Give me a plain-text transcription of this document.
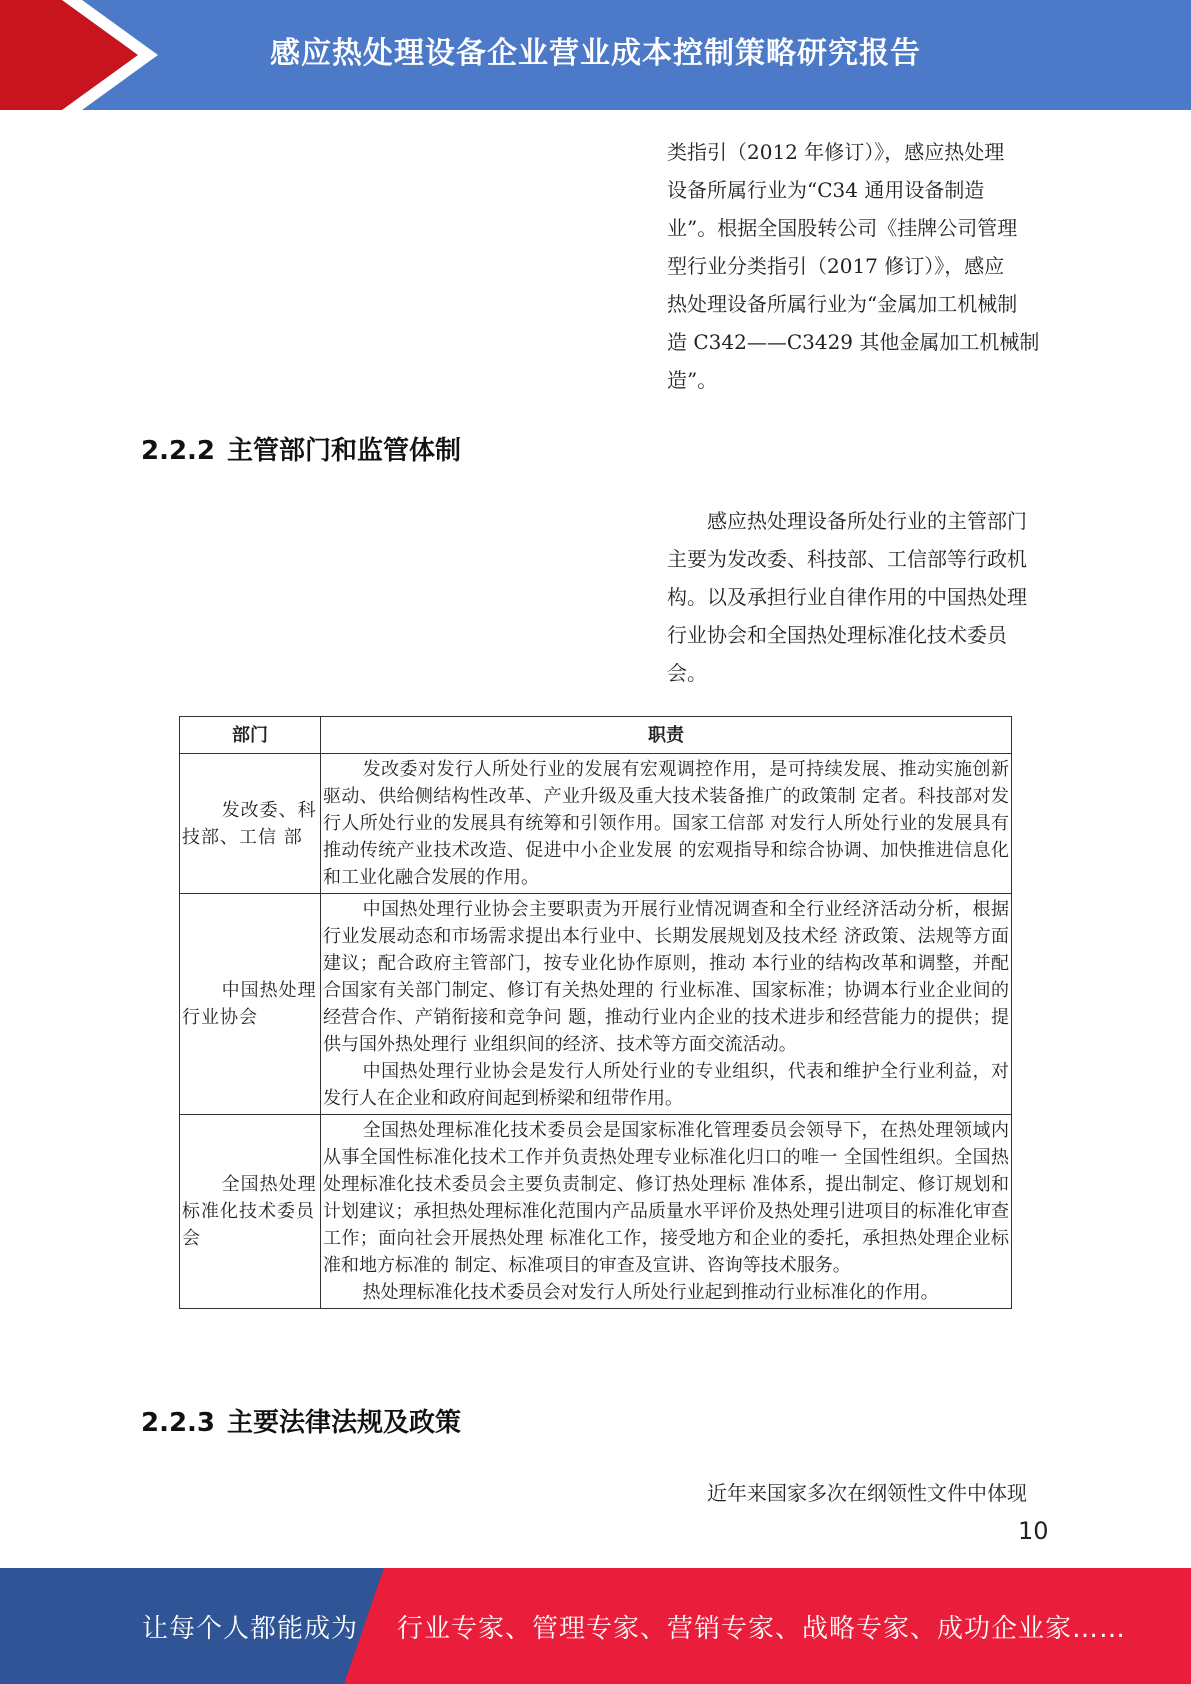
感应热处理设备企业营业成本控制策略研究报告

类指引（2012 年修订）》，感应热处理

设备所属行业为“C34 通用设备制造

业”。根据全国股转公司《挂牌公司管理

型行业分类指引（2017 修订）》，感应

热处理设备所属行业为“金属加工机械制

造 C342——C3429 其他金属加工机械制

造”。

2.2.2 主管部门和监管体制

感应热处理设备所处行业的主管部门

主要为发改委、科技部、工信部等行政机

构。以及承担行业自律作用的中国热处理

行业协会和全国热处理标准化技术委员

会。

部门	职责

发改委、科技部、工信 部	发改委对发行人所处行业的发展有宏观调控作用，是可持续发展、推动实施创新驱动、供给侧结构性改革、产业升级及重大技术装备推广的政策制 定者。科技部对发行人所处行业的发展具有统筹和引领作用。国家工信部 对发行人所处行业的发展具有推动传统产业技术改造、促进中小企业发展 的宏观指导和综合协调、加快推进信息化和工业化融合发展的作用。

中国热处理 行业协会	中国热处理行业协会主要职责为开展行业情况调查和全行业经济活动分析，根据行业发展动态和市场需求提出本行业中、长期发展规划及技术经 济政策、法规等方面建议；配合政府主管部门，按专业化协作原则，推动 本行业的结构改革和调整，并配合国家有关部门制定、修订有关热处理的 行业标准、国家标准；协调本行业企业间的经营合作、产销衔接和竞争问 题，推动行业内企业的技术进步和经营能力的提供；提供与国外热处理行 业组织间的经济、技术等方面交流活动。

中国热处理行业协会是发行人所处行业的专业组织，代表和维护全行业利益，对发行人在企业和政府间起到桥梁和纽带作用。

全国热处理 标准化技术委员会	全国热处理标准化技术委员会是国家标准化管理委员会领导下，在热处理领域内从事全国性标准化技术工作并负责热处理专业标准化归口的唯一 全国性组织。全国热处理标准化技术委员会主要负责制定、修订热处理标 准体系，提出制定、修订规划和计划建议；承担热处理标准化范围内产品质量水平评价及热处理引进项目的标准化审查工作；面向社会开展热处理 标准化工作，接受地方和企业的委托，承担热处理企业标准和地方标准的 制定、标准项目的审查及宣讲、咨询等技术服务。

热处理标准化技术委员会对发行人所处行业起到推动行业标准化的作用。

2.2.3 主要法律法规及政策

近年来国家多次在纲领性文件中体现

10
让每个人都能成为 行业专家、管理专家、营销专家、战略专家、成功企业家……
